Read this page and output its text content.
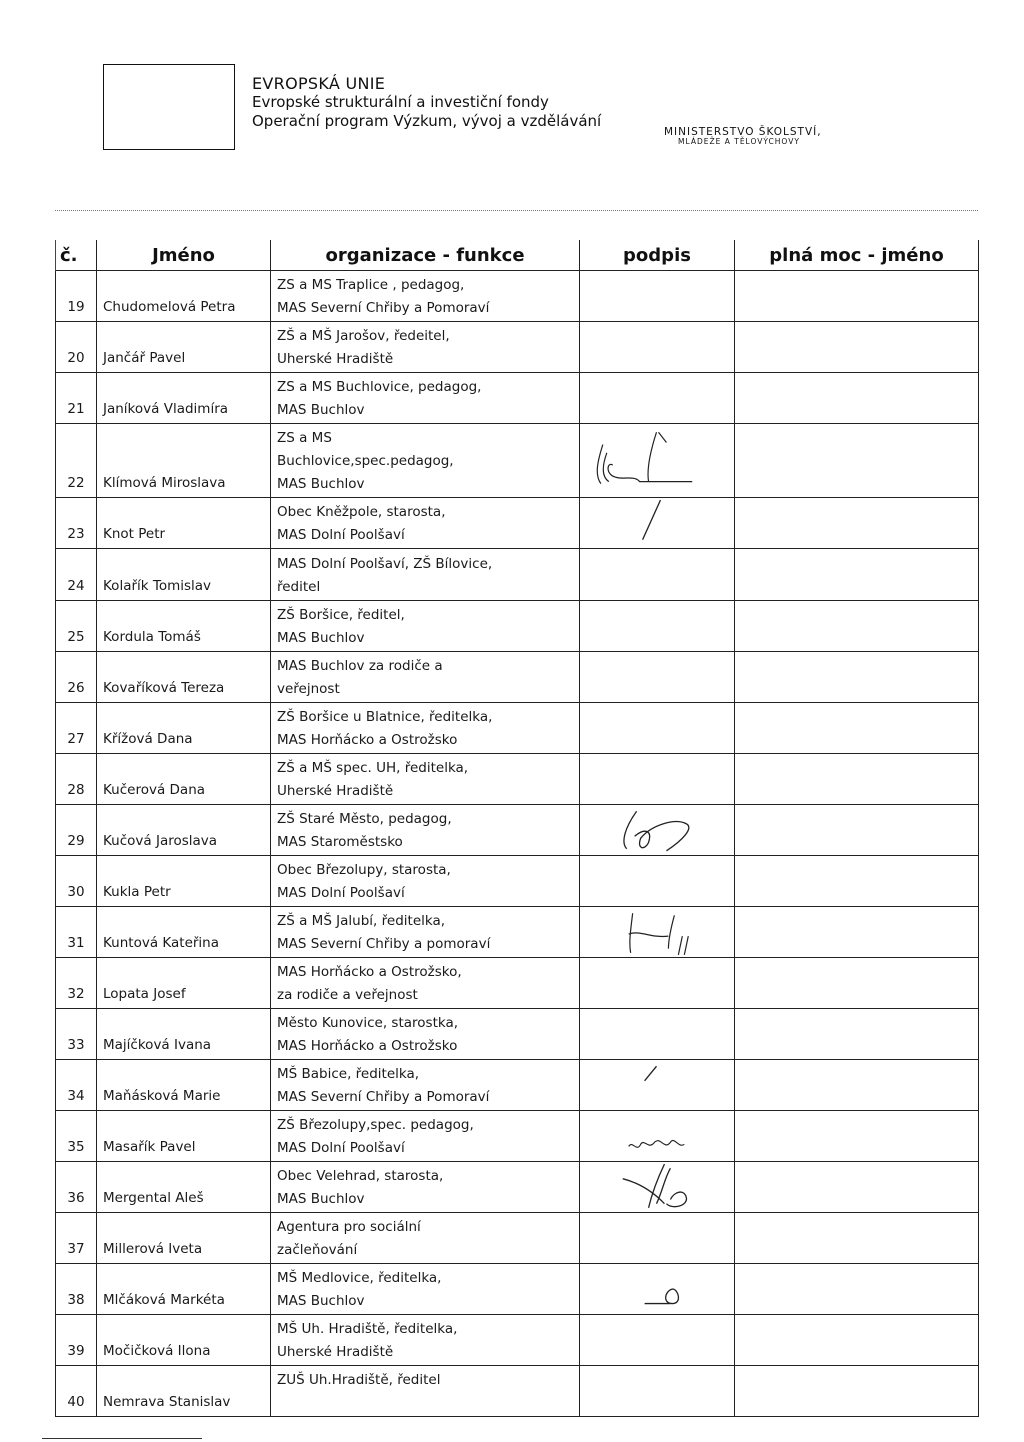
EVROPSKÁ UNIE
Evropské strukturální a investiční fondy
Operační program Výzkum, vývoj a vzdělávání
MINISTERSTVO ŠKOLSTVÍ,
MLÁDEŽE A TĚLOVÝCHOVY
č.	Jméno	organizace - funkce	podpis	plná moc - jméno
19	Chudomelová Petra	ZS a MS Traplice , pedagog,
MAS Severní Chřiby a Pomoraví		

20	Jančář Pavel	ZŠ a MŠ Jarošov, ředeitel,
Uherské Hradiště		

21	Janíková Vladimíra	ZS a MS Buchlovice, pedagog,
MAS Buchlov		

22	Klímová Miroslava	ZS a MS
Buchlovice,spec.pedagog,
MAS Buchlov

23	Knot Petr	Obec Kněžpole, starosta,
MAS Dolní Poolšaví

24	Kolařík Tomislav	MAS Dolní Poolšaví, ZŠ Bílovice,
ředitel		

25	Kordula Tomáš	ZŠ Boršice, ředitel,
MAS Buchlov		

26	Kovaříková Tereza	MAS Buchlov za rodiče a
veřejnost		

27	Křížová Dana	ZŠ Boršice u Blatnice, ředitelka,
MAS Horňácko a Ostrožsko		

28	Kučerová Dana	ZŠ a MŠ spec. UH, ředitelka,
Uherské Hradiště		

29	Kučová Jaroslava	ZŠ Staré Město, pedagog,
MAS Staroměstsko

30	Kukla Petr	Obec Březolupy, starosta,
MAS Dolní Poolšaví		

31	Kuntová Kateřina	ZŠ a MŠ Jalubí, ředitelka,
MAS Severní Chřiby a pomoraví

32	Lopata Josef	MAS Horňácko a Ostrožsko,
za rodiče a veřejnost		

33	Majíčková Ivana	Město Kunovice, starostka,
MAS Horňácko a Ostrožsko		

34	Maňásková Marie	MŠ Babice, ředitelka,
MAS Severní Chřiby a Pomoraví

35	Masařík Pavel	ZŠ Březolupy,spec. pedagog,
MAS Dolní Poolšaví

36	Mergental Aleš	Obec Velehrad, starosta,
MAS Buchlov

37	Millerová Iveta	Agentura pro sociální
začleňování		

38	Mlčáková Markéta	MŠ Medlovice, ředitelka,
MAS Buchlov

39	Močičková Ilona	MŠ Uh. Hradiště, ředitelka,
Uherské Hradiště		

40	Nemrava Stanislav	ZUŠ Uh.Hradiště, ředitel		
